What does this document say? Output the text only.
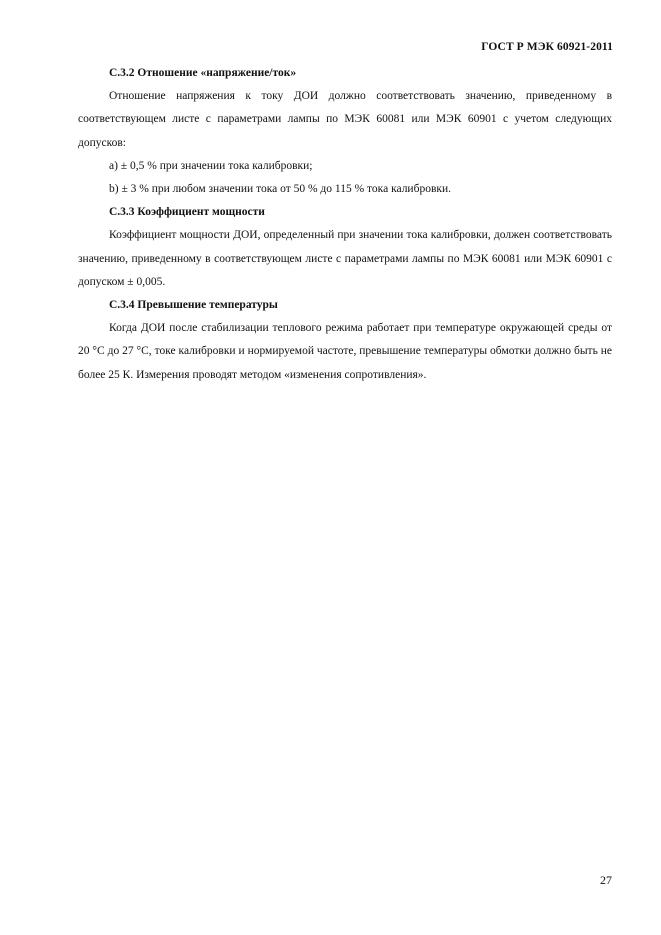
ГОСТ Р МЭК 60921-2011

С.3.2 Отношение «напряжение/ток»

Отношение напряжения к току ДОИ должно соответствовать значению, приведенному в соответствующем листе с параметрами лампы по МЭК 60081 или МЭК 60901 с учетом следующих допусков:

а) ± 0,5 % при значении тока калибровки;

b) ± 3 % при любом значении тока от 50 % до 115 % тока калибровки.

С.3.3 Коэффициент мощности

Коэффициент мощности ДОИ, определенный при значении тока калибровки, должен соответствовать значению, приведенному в соответствующем листе с параметрами лампы по МЭК 60081 или МЭК 60901 с допуском ± 0,005.

С.3.4 Превышение температуры

Когда ДОИ после стабилизации теплового режима работает при температуре окружающей среды от 20 °С до 27 °С, токе калибровки и нормируемой частоте, превышение температуры обмотки должно быть не более 25 К. Измерения проводят методом «изменения сопротивления».

27
